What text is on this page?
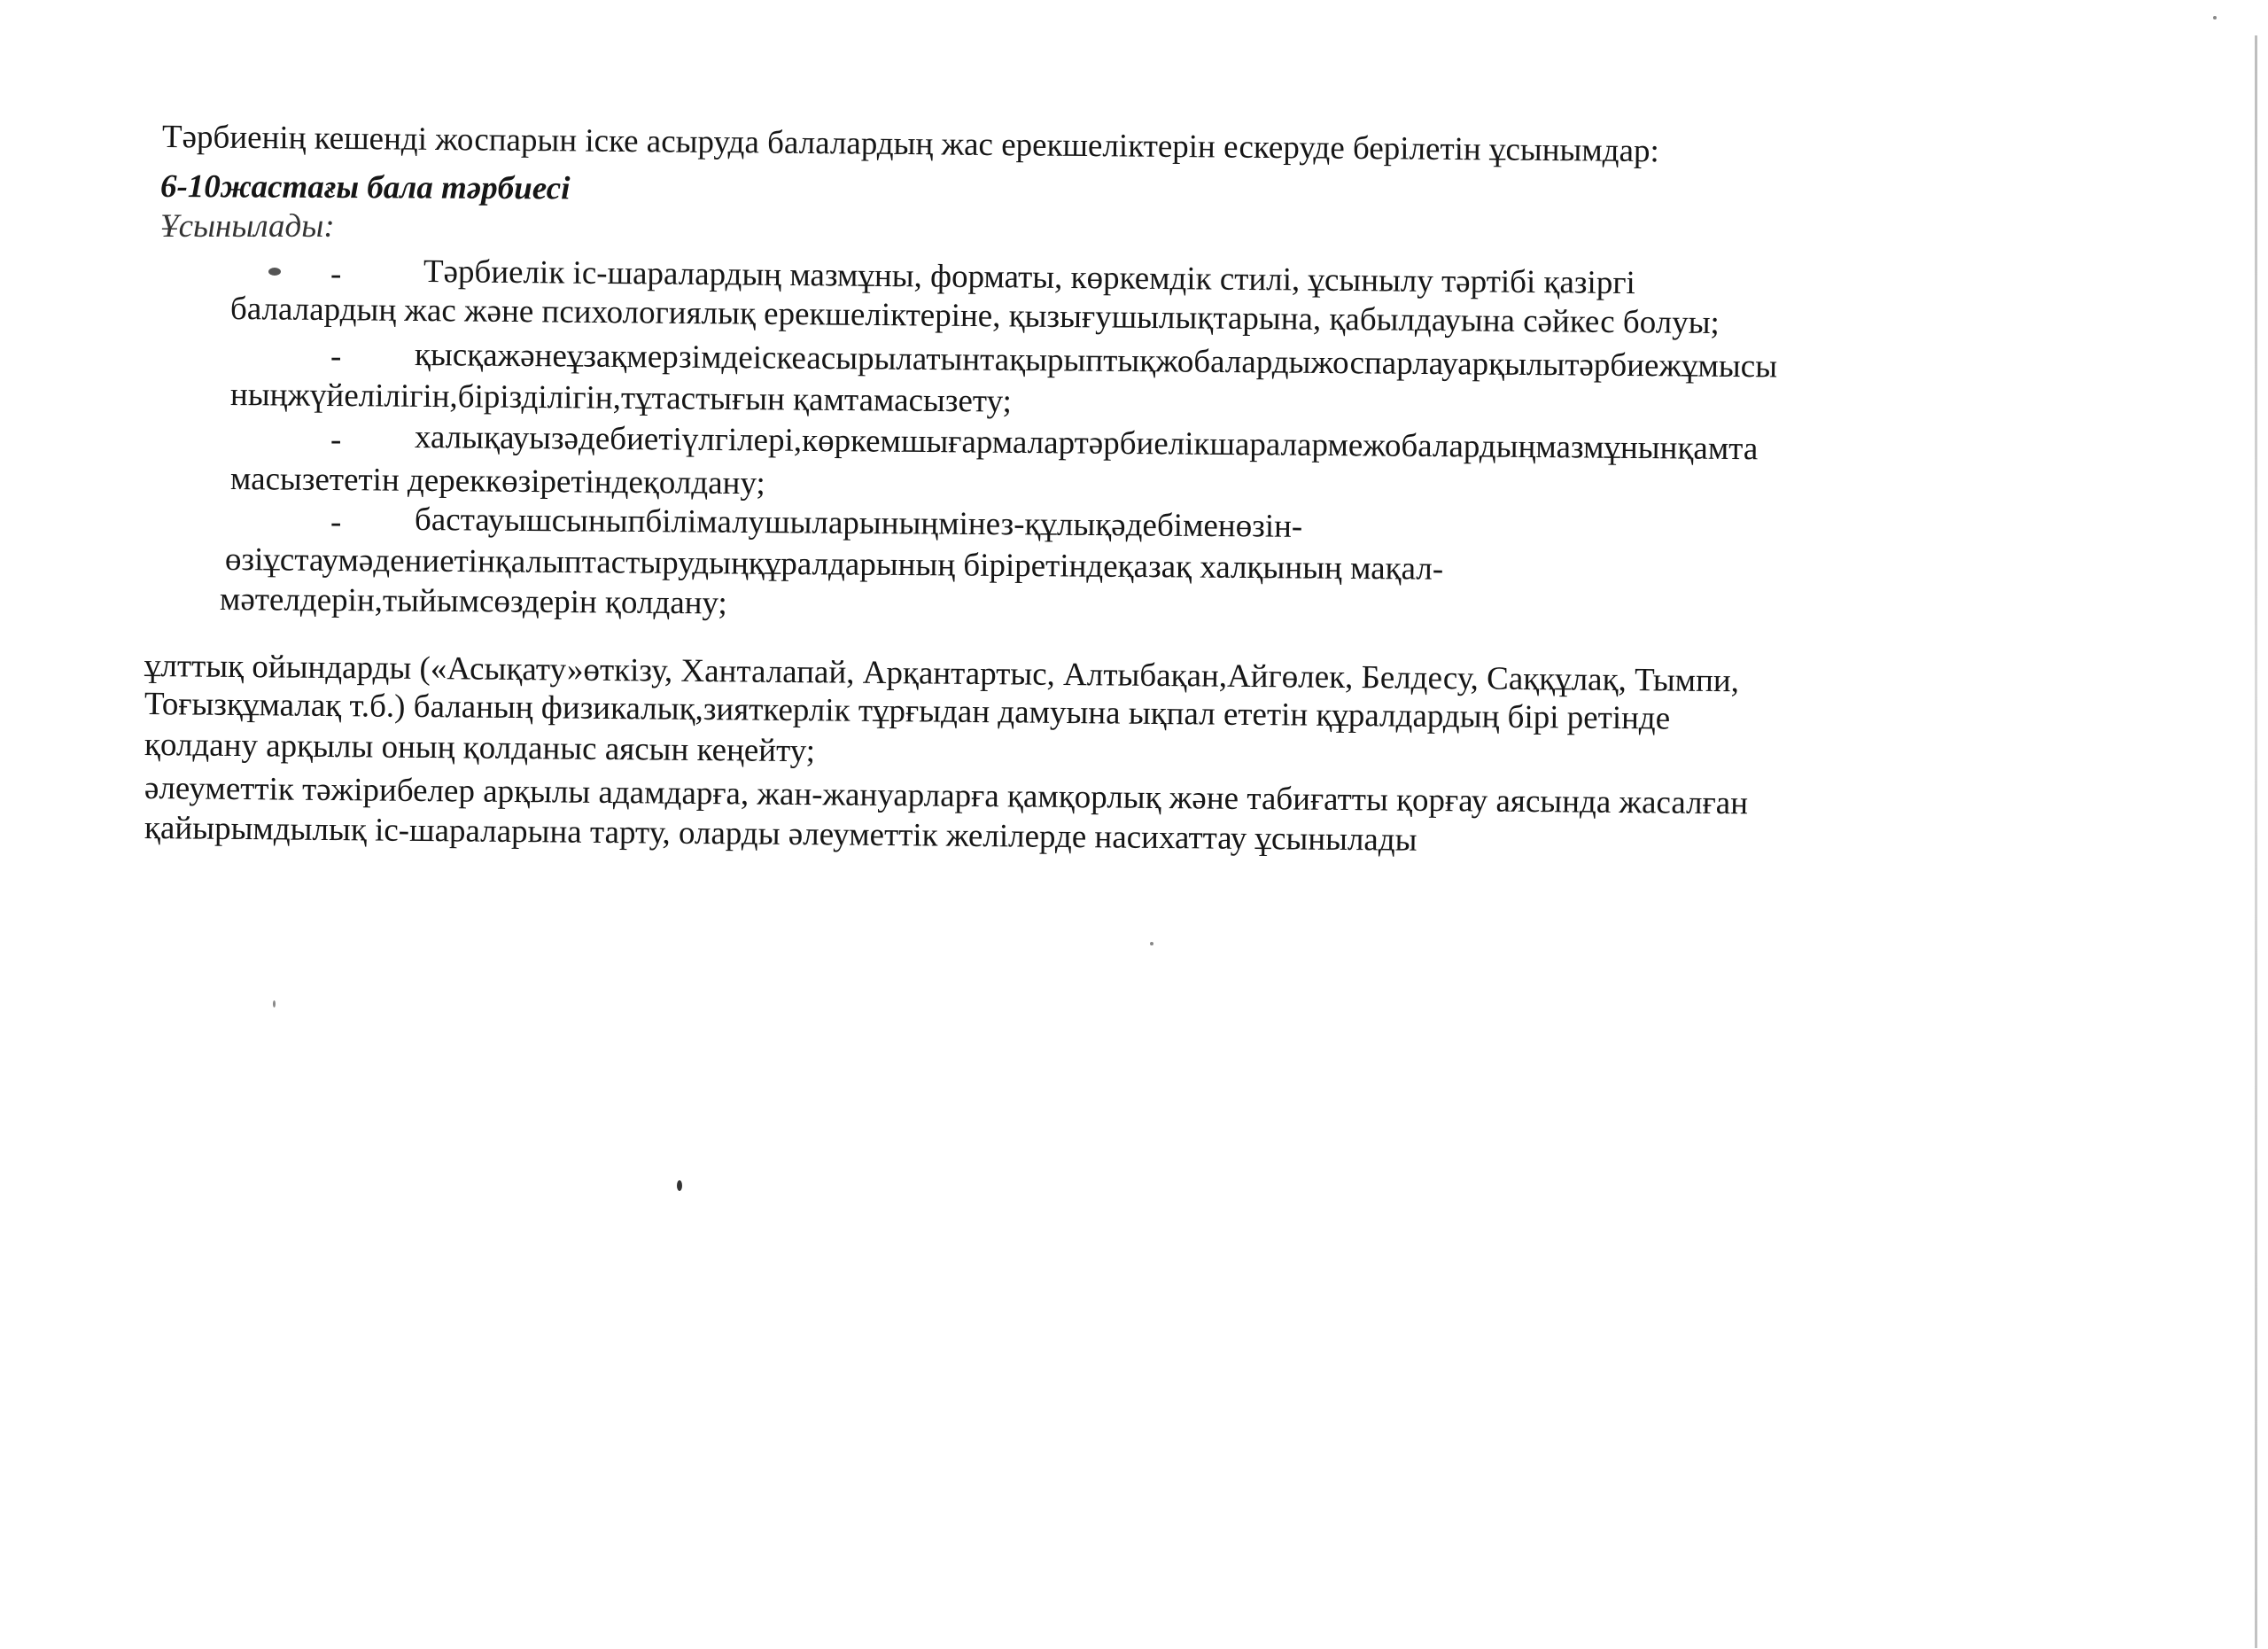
Тәрбиенің кешенді жоспарын іске асыруда балалардың жас ерекшеліктерін ескеруде берілетін ұсынымдар:
6-10жастағы бала тәрбиесі
Ұсынылады:
- Тәрбиелік іс-шаралардың мазмұны, форматы, көркемдік стилі, ұсынылу тәртібі қазіргі
балалардың жас және психологиялық ерекшеліктеріне, қызығушылықтарына, қабылдауына сәйкес болуы;
- қысқажәнеұзақмерзімдеіскеасырылатынтақырыптықжобалардыжоспарлауарқылытәрбиежұмысы
ныңжүйелілігін,бірізділігін,тұтастығын қамтамасызету;
- халықауызәдебиетіүлгілері,көркемшығармалартәрбиелікшаралармежобалардыңмазмұнынқамта
масызететін дереккөзіретіндеқолдану;
- бастауышсыныпбілімалушыларыныңмінез-құлықәдебіменөзін-
өзіұстаумәдениетінқалыптастырудыңқұралдарының біріретіндеқазақ халқының мақал-
мәтелдерін,тыйымсөздерін қолдану;
ұлттық ойындарды («Асықату»өткізу, Ханталапай, Арқантартыс, Алтыбақан,Айгөлек, Белдесу, Саққұлақ, Тымпи,
Тоғызқұмалақ т.б.) баланың физикалық,зияткерлік тұрғыдан дамуына ықпал ететін құралдардың бірі ретінде
қолдану арқылы оның қолданыс аясын кеңейту;
әлеуметтік тәжірибелер арқылы адамдарға, жан-жануарларға қамқорлық және табиғатты қорғау аясында жасалған
қайырымдылық іс-шараларына тарту, оларды әлеуметтік желілерде насихаттау ұсынылады
